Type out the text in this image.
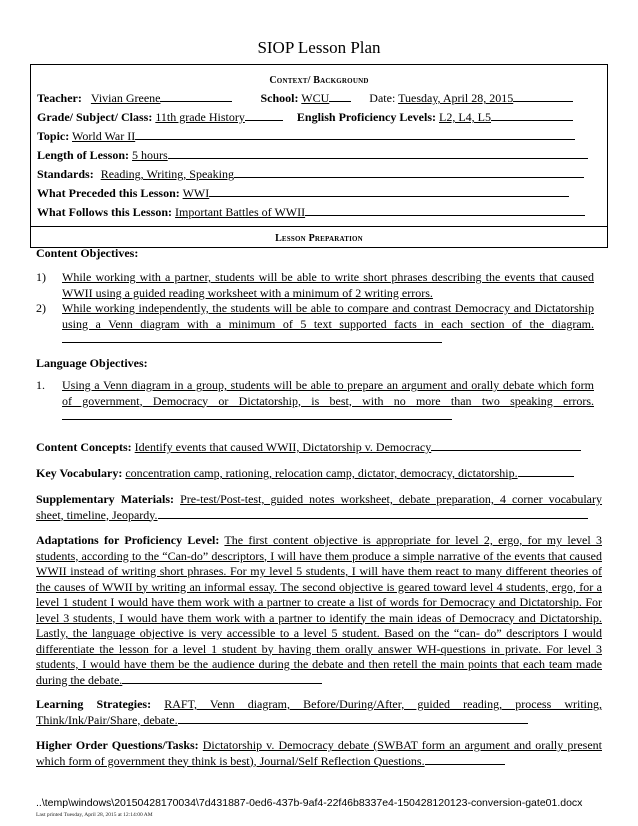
SIOP Lesson Plan
Context/ Background
Teacher: Vivian Greene	School: WCU	Date: Tuesday, April 28, 2015
Grade/ Subject/ Class: 11th grade History	English Proficiency Levels: L2, L4, L5
Topic: World War II
Length of Lesson: 5 hours
Standards: Reading, Writing, Speaking
What Preceded this Lesson: WWI
What Follows this Lesson: Important Battles of WWII
Lesson Preparation
Content Objectives:
1) While working with a partner, students will be able to write short phrases describing the events that caused WWII using a guided reading worksheet with a minimum of 2 writing errors.
2) While working independently, the students will be able to compare and contrast Democracy and Dictatorship using a Venn diagram with a minimum of 5 text supported facts in each section of the diagram.
Language Objectives:
1. Using a Venn diagram in a group, students will be able to prepare an argument and orally debate which form of government, Democracy or Dictatorship, is best, with no more than two speaking errors.
Content Concepts: Identify events that caused WWII, Dictatorship v. Democracy
Key Vocabulary: concentration camp, rationing, relocation camp, dictator, democracy, dictatorship.
Supplementary Materials: Pre-test/Post-test, guided notes worksheet, debate preparation, 4 corner vocabulary sheet, timeline, Jeopardy.
Adaptations for Proficiency Level: The first content objective is appropriate for level 2, ergo, for my level 3 students, according to the “Can-do” descriptors, I will have them produce a simple narrative of the events that caused WWII instead of writing short phrases. For my level 5 students, I will have them react to many different theories of the causes of WWII by writing an informal essay. The second objective is geared toward level 4 students, ergo, for a level 1 student I would have them work with a partner to create a list of words for Democracy and Dictatorship. For level 3 students, I would have them work with a partner to identify the main ideas of Democracy and Dictatorship. Lastly, the language objective is very accessible to a level 5 student. Based on the “can- do” descriptors I would differentiate the lesson for a level 1 student by having them orally answer WH-questions in private. For level 3 students, I would have them be the audience during the debate and then retell the main points that each team made during the debate.
Learning Strategies: RAFT, Venn diagram, Before/During/After, guided reading, process writing, Think/Ink/Pair/Share, debate.
Higher Order Questions/Tasks: Dictatorship v. Democracy debate (SWBAT form an argument and orally present which form of government they think is best), Journal/Self Reflection Questions.
..\temp\windows\2015042817003​4\7d431887-0ed6-437b-9af4-22f46b8337e4-150428120123-conversion-gate01.docx
Last printed Tuesday, April 28, 2015 at 12:14:00 AM
